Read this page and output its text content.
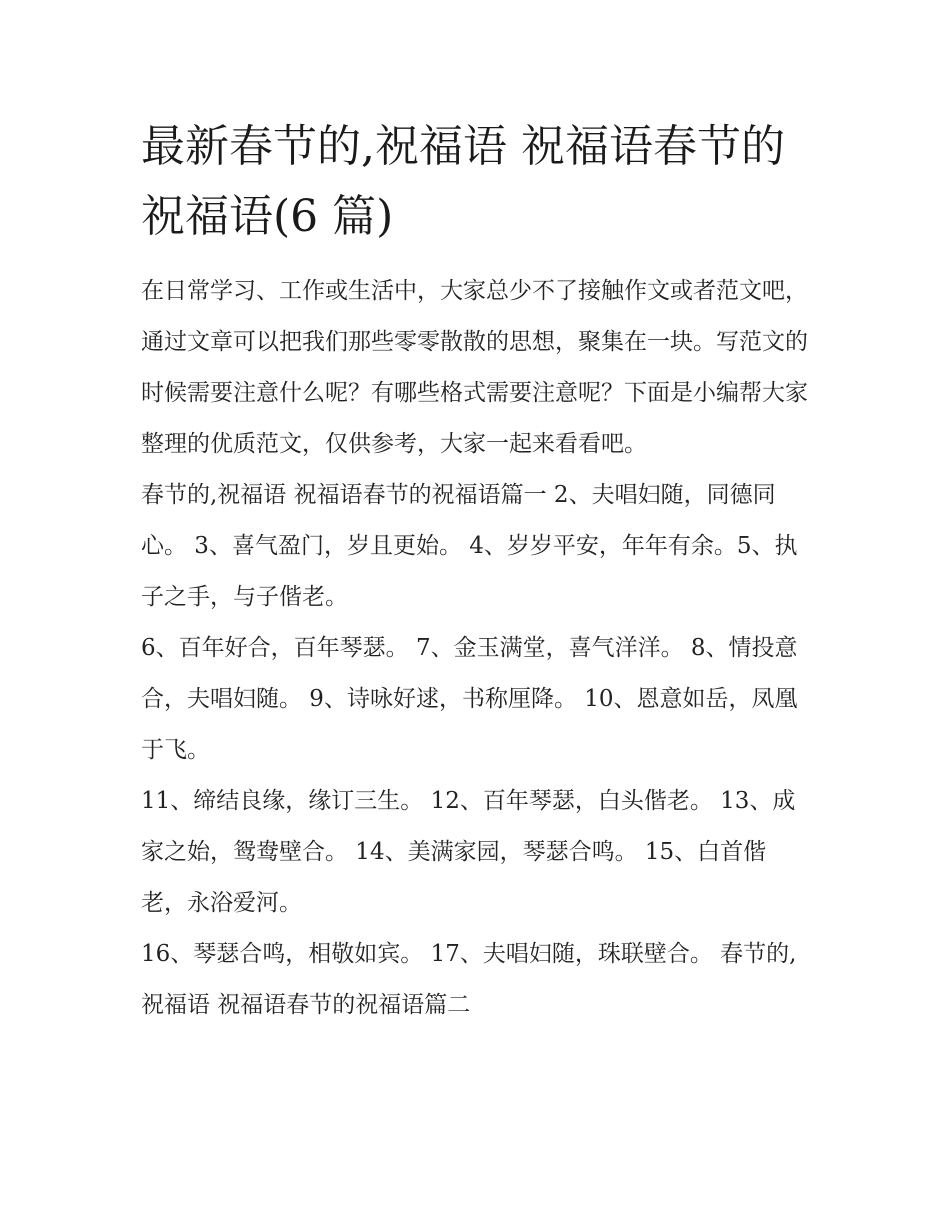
最新春节的,祝福语 祝福语春节的祝福语(6 篇)

在日常学习、工作或生活中，大家总少不了接触作文或者范文吧，通过文章可以把我们那些零零散散的思想，聚集在一块。写范文的时候需要注意什么呢？有哪些格式需要注意呢？下面是小编帮大家整理的优质范文，仅供参考，大家一起来看看吧。

春节的,祝福语 祝福语春节的祝福语篇一 2、夫唱妇随，同德同心。 3、喜气盈门，岁且更始。 4、岁岁平安，年年有余。5、执子之手，与子偕老。

6、百年好合，百年琴瑟。 7、金玉满堂，喜气洋洋。 8、情投意合，夫唱妇随。 9、诗咏好逑，书称厘降。 10、恩意如岳，凤凰于飞。

11、缔结良缘，缘订三生。 12、百年琴瑟，白头偕老。 13、成家之始，鸳鸯壁合。 14、美满家园，琴瑟合鸣。 15、白首偕老，永浴爱河。

16、琴瑟合鸣，相敬如宾。 17、夫唱妇随，珠联壁合。 春节的,祝福语 祝福语春节的祝福语篇二
